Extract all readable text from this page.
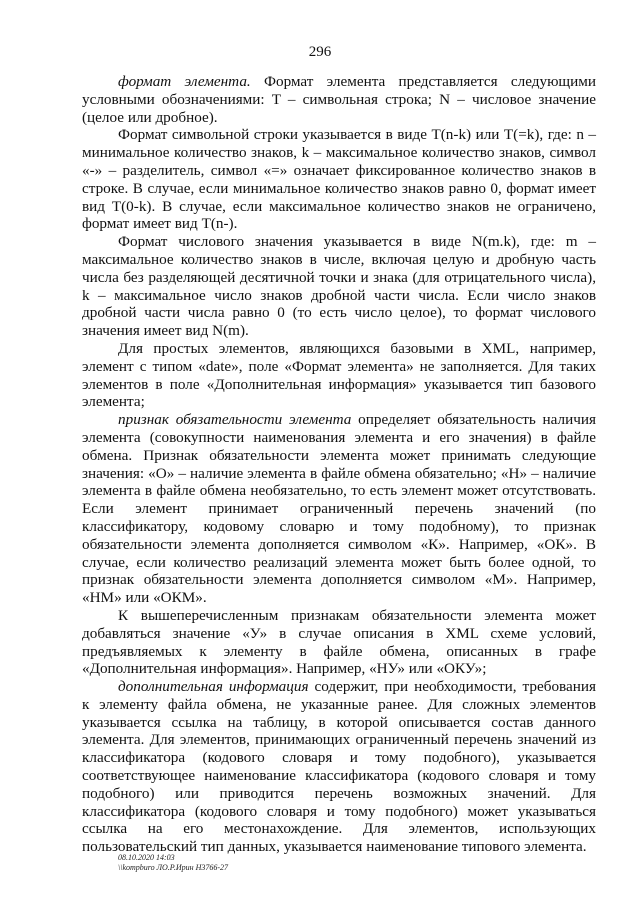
296

формат элемента. Формат элемента представляется следующими условными обозначениями: T – символьная строка; N – числовое значение (целое или дробное).

Формат символьной строки указывается в виде T(n-k) или T(=k), где: n – минимальное количество знаков, k – максимальное количество знаков, символ «-» – разделитель, символ «=» означает фиксированное количество знаков в строке. В случае, если минимальное количество знаков равно 0, формат имеет вид T(0-k). В случае, если максимальное количество знаков не ограничено, формат имеет вид T(n-).

Формат числового значения указывается в виде N(m.k), где: m – максимальное количество знаков в числе, включая целую и дробную часть числа без разделяющей десятичной точки и знака (для отрицательного числа), k – максимальное число знаков дробной части числа. Если число знаков дробной части числа равно 0 (то есть число целое), то формат числового значения имеет вид N(m).

Для простых элементов, являющихся базовыми в XML, например, элемент с типом «date», поле «Формат элемента» не заполняется. Для таких элементов в поле «Дополнительная информация» указывается тип базового элемента;

признак обязательности элемента определяет обязательность наличия элемента (совокупности наименования элемента и его значения) в файле обмена. Признак обязательности элемента может принимать следующие значения: «О» – наличие элемента в файле обмена обязательно; «Н» – наличие элемента в файле обмена необязательно, то есть элемент может отсутствовать. Если элемент принимает ограниченный перечень значений (по классификатору, кодовому словарю и тому подобному), то признак обязательности элемента дополняется символом «К». Например, «ОК». В случае, если количество реализаций элемента может быть более одной, то признак обязательности элемента дополняется символом «М». Например, «НМ» или «ОКМ».

К вышеперечисленным признакам обязательности элемента может добавляться значение «У» в случае описания в XML схеме условий, предъявляемых к элементу в файле обмена, описанных в графе «Дополнительная информация». Например, «НУ» или «ОКУ»;

дополнительная информация содержит, при необходимости, требования к элементу файла обмена, не указанные ранее. Для сложных элементов указывается ссылка на таблицу, в которой описывается состав данного элемента. Для элементов, принимающих ограниченный перечень значений из классификатора (кодового словаря и тому подобного), указывается соответствующее наименование классификатора (кодового словаря и тому подобного) или приводится перечень возможных значений. Для классификатора (кодового словаря и тому подобного) может указываться ссылка на его местонахождение. Для элементов, использующих пользовательский тип данных, указывается наименование типового элемента.

08.10.2020 14:03
\\kompburo ЛО.Р.Ирин Н3766-27
